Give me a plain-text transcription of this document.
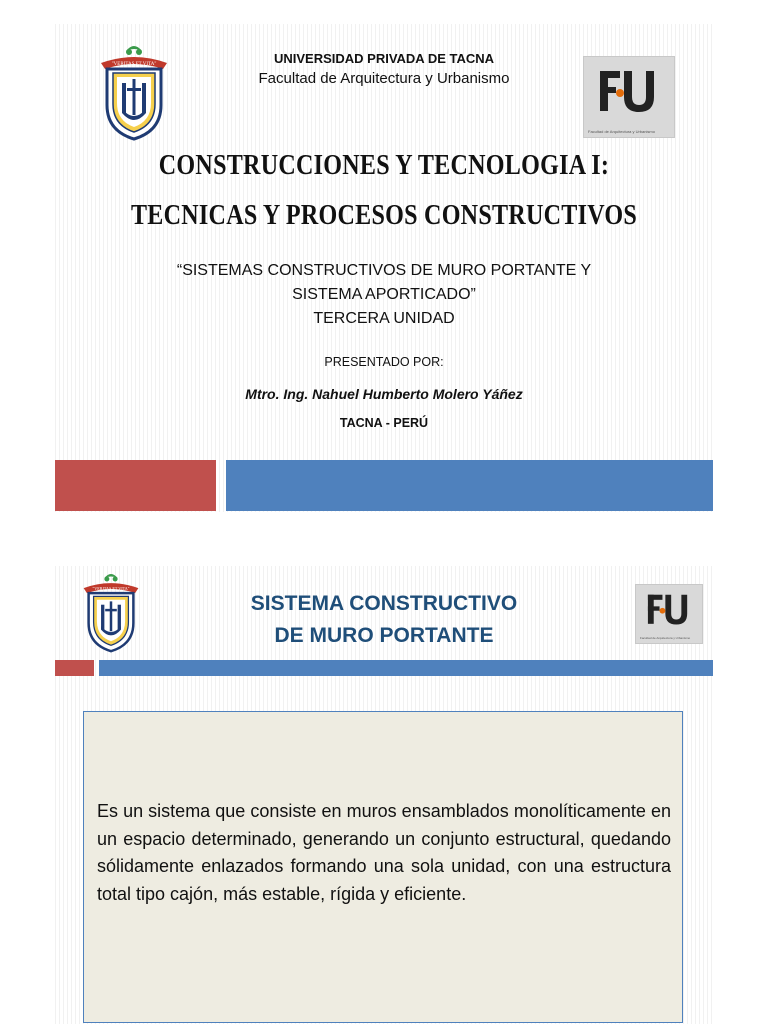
"VERITAS ET VITA"	UNIVERSIDAD PRIVADA DE TACNA
Facultad de Arquitectura y Urbanismo
Facultad de Arquitectura y Urbanismo
CONSTRUCCIONES Y TECNOLOGIA I:
TECNICAS Y PROCESOS CONSTRUCTIVOS
“SISTEMAS CONSTRUCTIVOS DE MURO PORTANTE Y
SISTEMA APORTICADO”
TERCERA UNIDAD
PRESENTADO POR:
Mtro. Ing. Nahuel Humberto Molero Yáñez
TACNA - PERÚ
"VERITAS ET VITA"
SISTEMA CONSTRUCTIVO
DE MURO PORTANTE	Facultad de Arquitectura y Urbanismo
Es un sistema que consiste en muros ensamblados monolíticamente en un espacio determinado, generando un conjunto estructural, quedando sólidamente enlazados formando una sola unidad, con una estructura total tipo cajón, más estable, rígida y eficiente.
